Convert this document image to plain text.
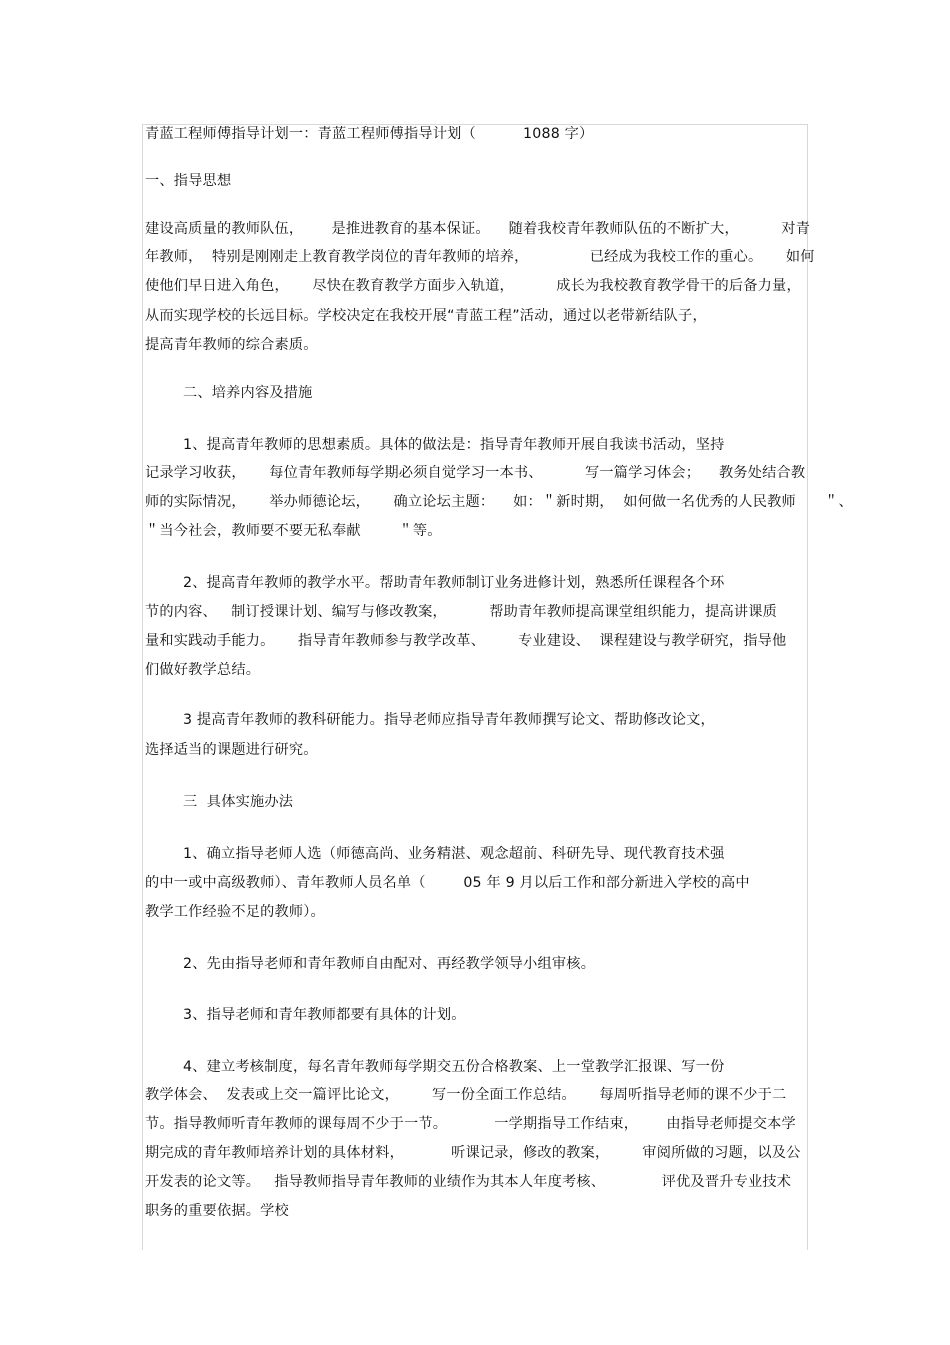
青蓝工程师傅指导计划一：青蓝工程师傅指导计划（          1088 字）
一、指导思想
建设高质量的教师队伍，      是推进教育的基本保证。    随着我校青年教师队伍的不断扩大，         对青
年教师，  特别是刚刚走上教育教学岗位的青年教师的培养，             已经成为我校工作的重心。     如何
使他们早日进入角色，     尽快在教育教学方面步入轨道，         成长为我校教育教学骨干的后备力量，
从而实现学校的长远目标。学校决定在我校开展“青蓝工程”活动，通过以老带新结队子，
提高青年教师的综合素质。
二、培养内容及措施
1、提高青年教师的思想素质。具体的做法是：指导青年教师开展自我读书活动，坚持
记录学习收获，     每位青年教师每学期必须自觉学习一本书、         写一篇学习体会；    教务处结合教
师的实际情况，     举办师德论坛，     确立论坛主题：    如：＂新时期，  如何做一名优秀的人民教师      ＂、
＂当今社会，教师要不要无私奉献        ＂等。
2、提高青年教师的教学水平。帮助青年教师制订业务进修计划，熟悉所任课程各个环
节的内容、   制订授课计划、编写与修改教案，         帮助青年教师提高课堂组织能力，提高讲课质
量和实践动手能力。     指导青年教师参与教学改革、       专业建设、  课程建设与教学研究，指导他
们做好教学总结。
3 提高青年教师的教科研能力。指导老师应指导青年教师撰写论文、帮助修改论文，
选择适当的课题进行研究。
三  具体实施办法
1、确立指导老师人选（师德高尚、业务精湛、观念超前、科研先导、现代教育技术强
的中一或中高级教师）、青年教师人员名单（        05 年 9 月以后工作和部分新进入学校的高中
教学工作经验不足的教师）。
2、先由指导老师和青年教师自由配对、再经教学领导小组审核。
3、指导老师和青年教师都要有具体的计划。
4、建立考核制度，每名青年教师每学期交五份合格教案、上一堂教学汇报课、写一份
教学体会、  发表或上交一篇评比论文，       写一份全面工作总结。     每周听指导老师的课不少于二
节。指导教师听青年教师的课每周不少于一节。          一学期指导工作结束，      由指导老师提交本学
期完成的青年教师培养计划的具体材料，          听课记录，修改的教案，       审阅所做的习题，以及公
开发表的论文等。   指导教师指导青年教师的业绩作为其本人年度考核、            评优及晋升专业技术
职务的重要依据。学校
